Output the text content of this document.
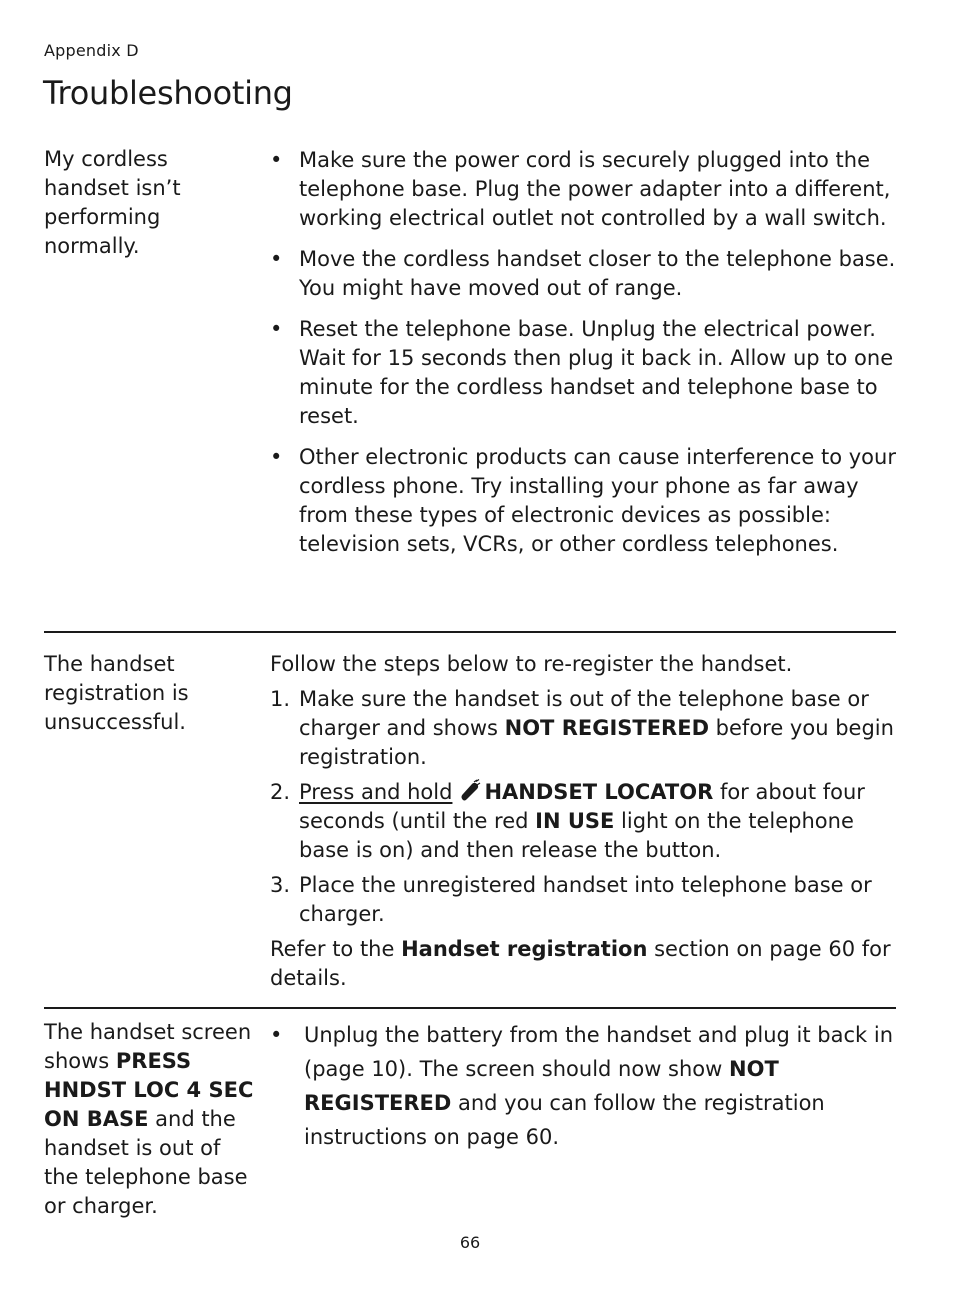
Appendix D
Troubleshooting
My cordless handset isn’t performing normally.
• Make sure the power cord is securely plugged into the telephone base. Plug the power adapter into a different, working electrical outlet not controlled by a wall switch.
• Move the cordless handset closer to the telephone base. You might have moved out of range.
• Reset the telephone base. Unplug the electrical power. Wait for 15 seconds then plug it back in. Allow up to one minute for the cordless handset and telephone base to reset.
• Other electronic products can cause interference to your cordless phone. Try installing your phone as far away from these types of electronic devices as possible: television sets, VCRs, or other cordless telephones.
The handset registration is unsuccessful.
Follow the steps below to re-register the handset.
1. Make sure the handset is out of the telephone base or charger and shows NOT REGISTERED before you begin registration.
2. Press and hold HANDSET LOCATOR for about four seconds (until the red IN USE light on the telephone base is on) and then release the button.
3. Place the unregistered handset into telephone base or charger.
Refer to the Handset registration section on page 60 for details.
The handset screen shows PRESS HNDST LOC 4 SEC ON BASE and the handset is out of the telephone base or charger.
• Unplug the battery from the handset and plug it back in (page 10). The screen should now show NOT REGISTERED and you can follow the registration instructions on page 60.
66
